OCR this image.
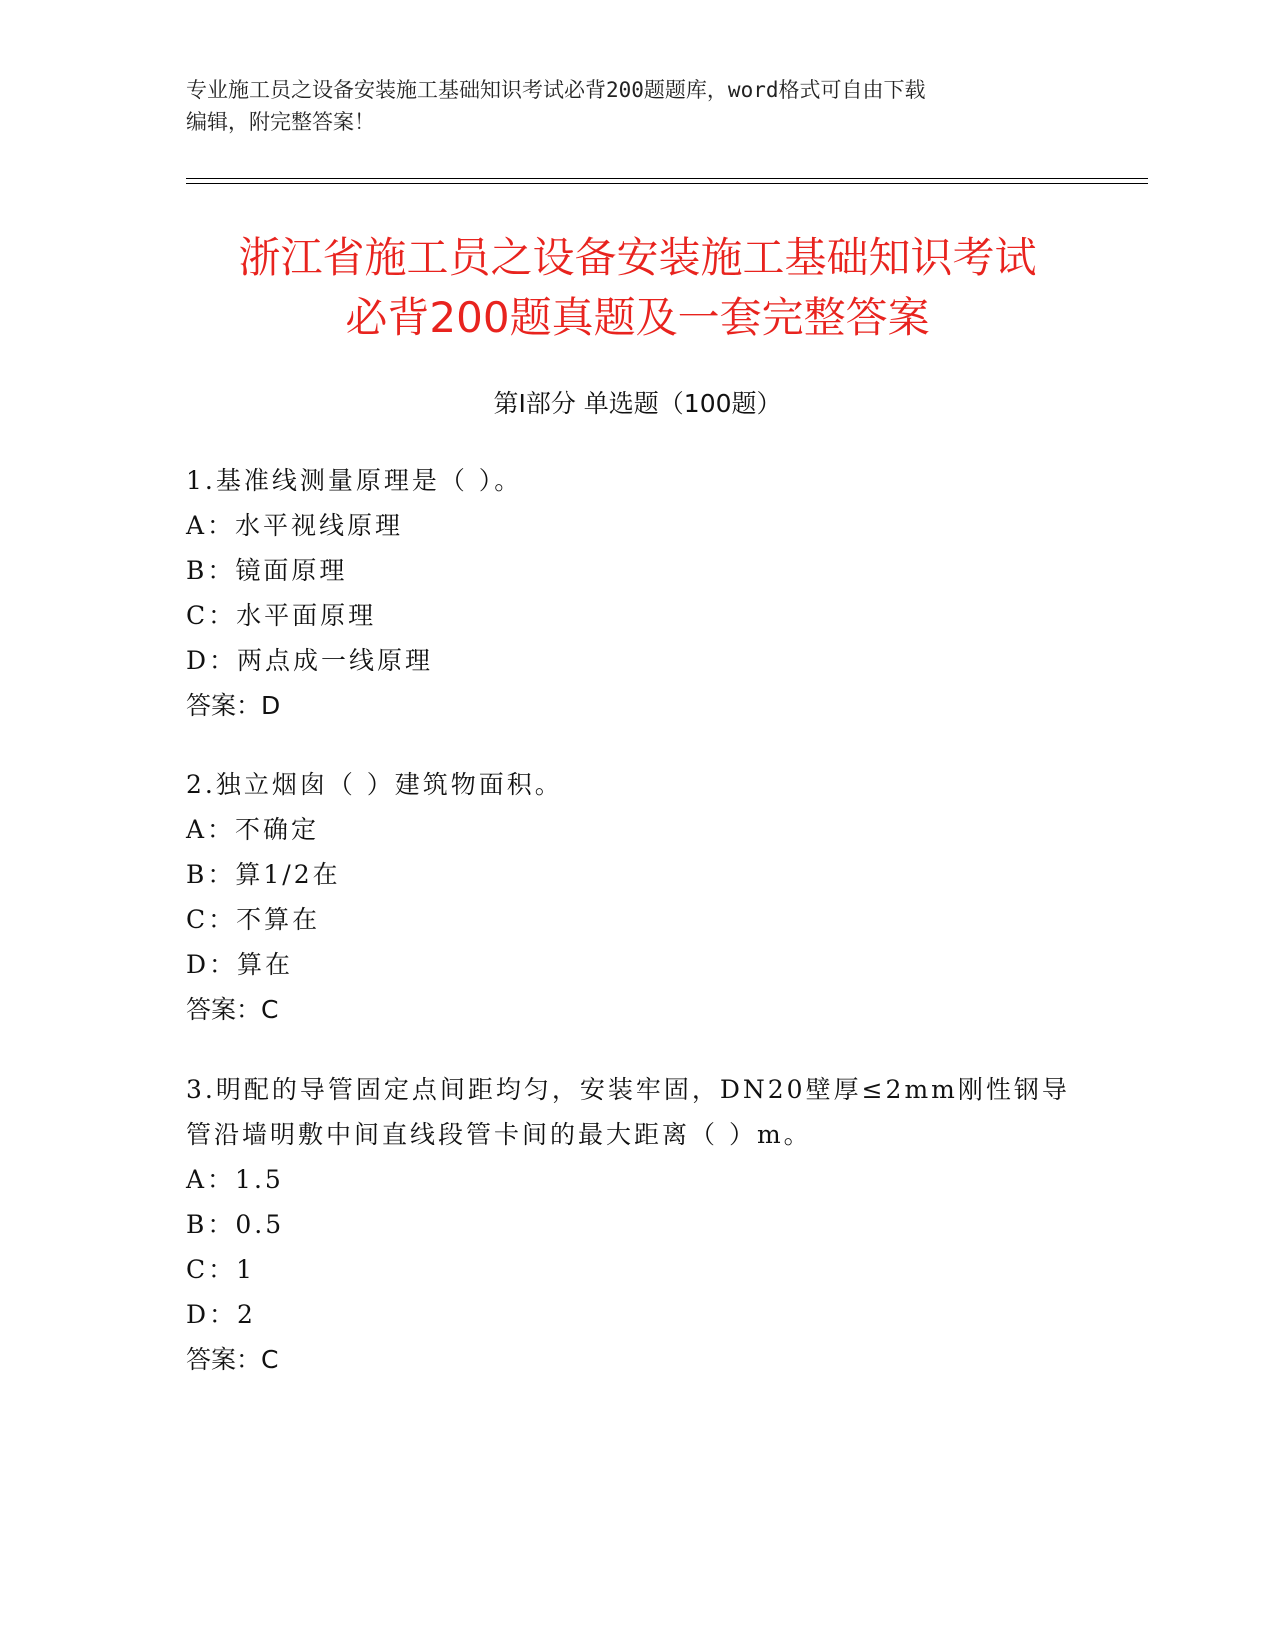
专业施工员之设备安装施工基础知识考试必背200题题库，word格式可自由下载
编辑，附完整答案！
浙江省施工员之设备安装施工基础知识考试
必背200题真题及一套完整答案
第Ⅰ部分 单选题（100题）
1.基准线测量原理是（ ）。
A：水平视线原理
B：镜面原理
C：水平面原理
D：两点成一线原理
答案：D
2.独立烟囱（ ）建筑物面积。
A：不确定
B：算1/2在
C：不算在
D：算在
答案：C
3.明配的导管固定点间距均匀，安装牢固，DN20壁厚≤2mm刚性钢导
管沿墙明敷中间直线段管卡间的最大距离（ ）m。
A：1.5
B：0.5
C：1
D：2
答案：C
